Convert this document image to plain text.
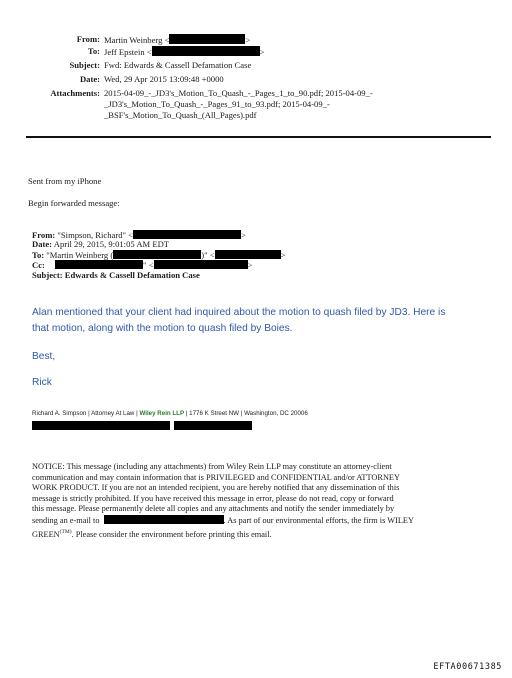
From: Martin Weinberg <	>
To: Jeff Epstein <	>
Subject: Fwd: Edwards & Cassell Defamation Case
Date: Wed, 29 Apr 2015 13:09:48 +0000
Attachments: 2015-04-09_-_JD3's_Motion_To_Quash_-_Pages_1_to_90.pdf; 2015-04-09_-
_JD3's_Motion_To_Quash_-_Pages_91_to_93.pdf; 2015-04-09_-
_BSF's_Motion_To_Quash_(All_Pages).pdf
Sent from my iPhone
Begin forwarded message:
From: "Simpson, Richard" <	>
Date: April 29, 2015, 9:01:05 AM EDT
To: "Martin Weinberg (	)" <	>
Cc:	" <	>
Subject: Edwards & Cassell Defamation Case
Alan mentioned that your client had inquired about the motion to quash filed by JD3. Here is
that motion, along with the motion to quash filed by Boies.
Best,
Rick
Richard A. Simpson | Attorney At Law | Wiley Rein LLP | 1776 K Street NW | Washington, DC 20006
NOTICE: This message (including any attachments) from Wiley Rein LLP may constitute an attorney-client
communication and may contain information that is PRIVILEGED and CONFIDENTIAL and/or ATTORNEY
WORK PRODUCT. If you are not an intended recipient, you are hereby notified that any dissemination of this
message is strictly prohibited. If you have received this message in error, please do not read, copy or forward
this message. Please permanently delete all copies and any attachments and notify the sender immediately by
sending an e-mail to	. As part of our environmental efforts, the firm is WILEY
$GREEN^{(TM)}$. Please consider the environment before printing this email.
EFTA00671385
